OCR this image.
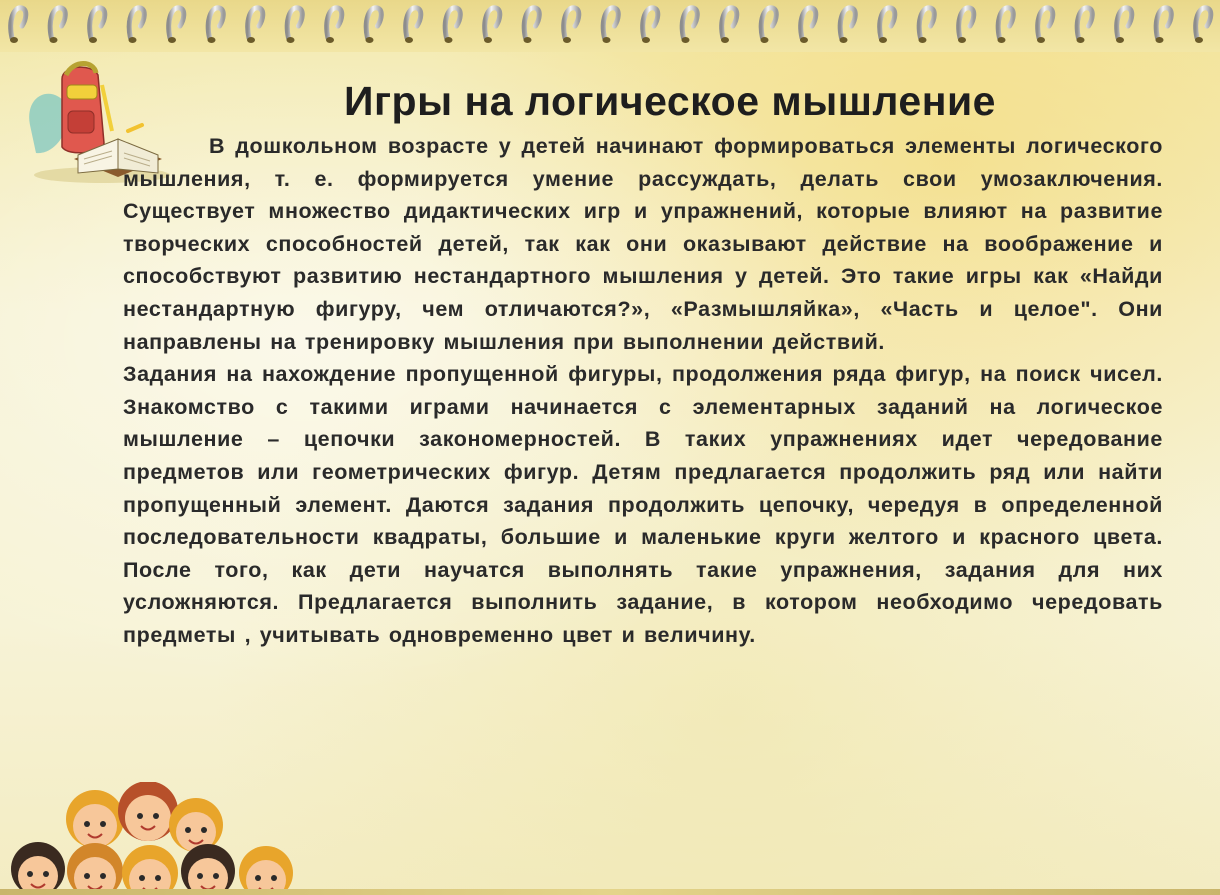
Игры на логическое мышление

В дошкольном возрасте у детей начинают формироваться элементы логического мышления, т. е. формируется умение рассуждать, делать свои умозаключения. Существует множество дидактических игр и упражнений, которые влияют на развитие творческих способностей детей, так как они оказывают действие на воображение и способствуют развитию нестандартного мышления у детей. Это такие игры как «Найди нестандартную фигуру, чем отличаются?», «Размышляйка», «Часть и целое". Они направлены на тренировку мышления при выполнении действий.

Задания на нахождение пропущенной фигуры, продолжения ряда фигур, на поиск чисел. Знакомство с такими играми начинается с элементарных заданий на логическое мышление – цепочки закономерностей. В таких упражнениях идет чередование предметов или геометрических фигур. Детям предлагается продолжить ряд или найти пропущенный элемент. Даются задания продолжить цепочку, чередуя в определенной последовательности квадраты, большие и маленькие круги желтого и красного цвета. После того, как дети научатся выполнять такие упражнения, задания для них усложняются. Предлагается выполнить задание, в котором необходимо чередовать предметы , учитывать одновременно цвет и величину.
